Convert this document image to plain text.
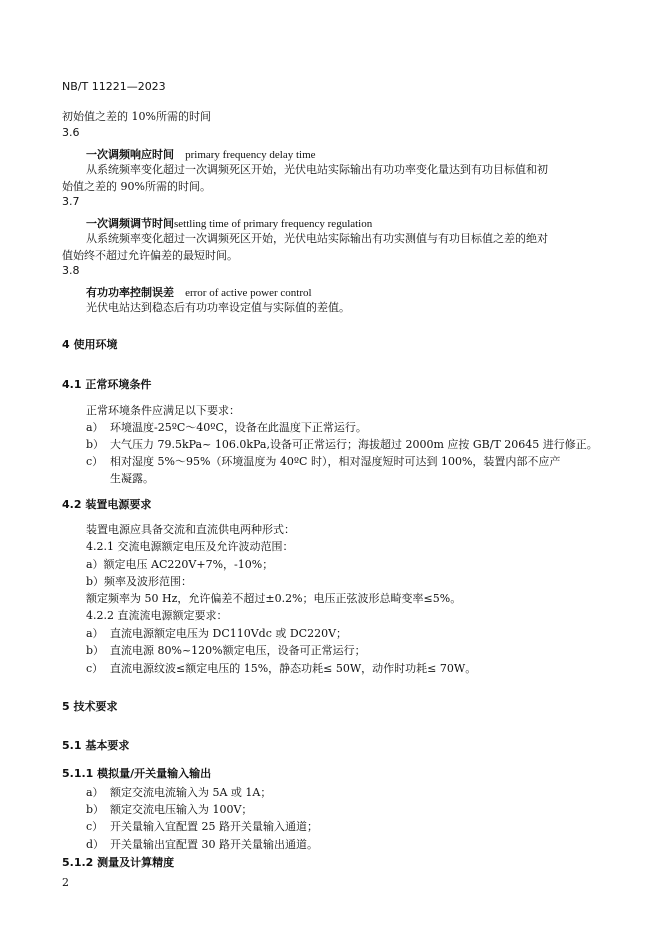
NB/T 11221—2023
初始值之差的 10%所需的时间
3.6
一次调频响应时间 primary frequency delay time
从系统频率变化超过一次调频死区开始，光伏电站实际输出有功功率变化量达到有功目标值和初
始值之差的 90%所需的时间。
3.7
一次调频调节时间settling time of primary frequency regulation
从系统频率变化超过一次调频死区开始，光伏电站实际输出有功实测值与有功目标值之差的绝对
值始终不超过允许偏差的最短时间。
3.8
有功功率控制误差 error of active power control
光伏电站达到稳态后有功功率设定值与实际值的差值。
4 使用环境
4.1 正常环境条件
正常环境条件应满足以下要求：
a） 环境温度-25ºC～40ºC，设备在此温度下正常运行。
b） 大气压力 79.5kPa~ 106.0kPa,设备可正常运行；海拔超过 2000m 应按 GB/T 20645 进行修正。
c） 相对湿度 5%～95%（环境温度为 40ºC 时），相对湿度短时可达到 100%，装置内部不应产
生凝露。
4.2 装置电源要求
装置电源应具备交流和直流供电两种形式：
4.2.1 交流电源额定电压及允许波动范围：
a）额定电压 AC220V+7%，-10%；
b）频率及波形范围：
额定频率为 50 Hz，允许偏差不超过±0.2%；电压正弦波形总畸变率≤5%。
4.2.2 直流流电源额定要求：
a） 直流电源额定电压为 DC110Vdc 或 DC220V；
b） 直流电源 80%~120%额定电压，设备可正常运行；
c） 直流电源纹波≤额定电压的 15%，静态功耗≤ 50W，动作时功耗≤ 70W。
5 技术要求
5.1 基本要求
5.1.1 模拟量/开关量输入输出
a） 额定交流电流输入为 5A 或 1A；
b） 额定交流电压输入为 100V；
c） 开关量输入宜配置 25 路开关量输入通道；
d） 开关量输出宜配置 30 路开关量输出通道。
5.1.2 测量及计算精度
2
